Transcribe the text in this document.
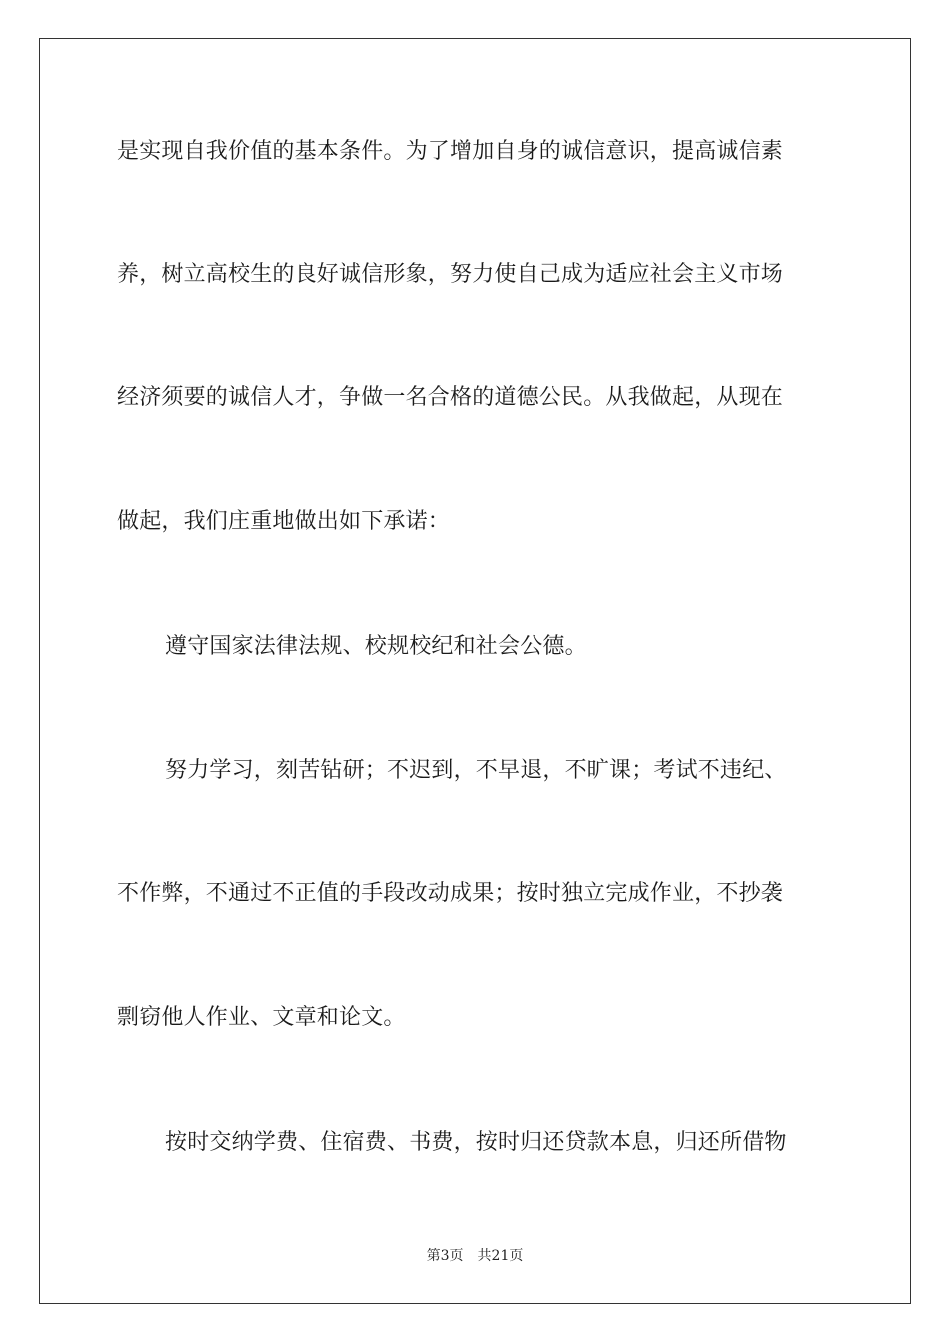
是实现自我价值的基本条件。为了增加自身的诚信意识，提高诚信素
养，树立高校生的良好诚信形象，努力使自己成为适应社会主义市场
经济须要的诚信人才，争做一名合格的道德公民。从我做起，从现在
做起，我们庄重地做出如下承诺：
遵守国家法律法规、校规校纪和社会公德。
努力学习，刻苦钻研；不迟到，不早退，不旷课；考试不违纪、
不作弊，不通过不正值的手段改动成果；按时独立完成作业，不抄袭
剽窃他人作业、文章和论文。
按时交纳学费、住宿费、书费，按时归还贷款本息，归还所借物
第3页 共21页
